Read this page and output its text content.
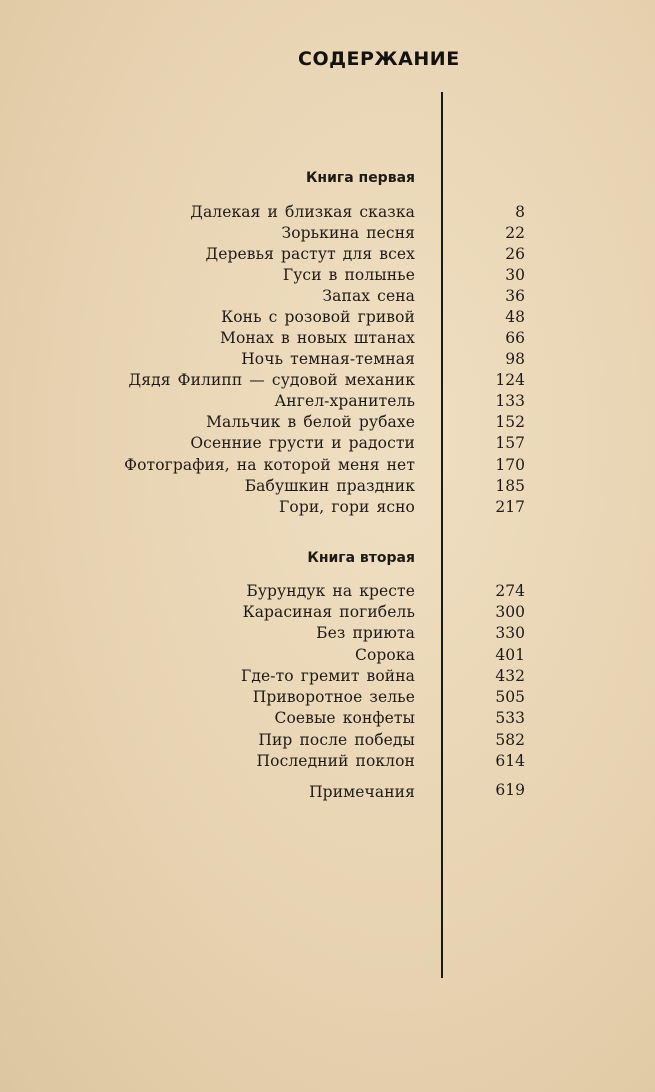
СОДЕРЖАНИЕ
Книга первая
Далекая и близкая сказка	8
Зорькина песня	22
Деревья растут для всех	26
Гуси в полынье	30
Запах сена	36
Конь с розовой гривой	48
Монах в новых штанах	66
Ночь темная-темная	98
Дядя Филипп — судовой механик	124
Ангел-хранитель	133
Мальчик в белой рубахе	152
Осенние грусти и радости	157
Фотография, на которой меня нет	170
Бабушкин праздник	185
Гори, гори ясно	217
Книга вторая
Бурундук на кресте	274
Карасиная погибель	300
Без приюта	330
Сорока	401
Где-то гремит война	432
Приворотное зелье	505
Соевые конфеты	533
Пир после победы	582
Последний поклон	614
Примечания	619
